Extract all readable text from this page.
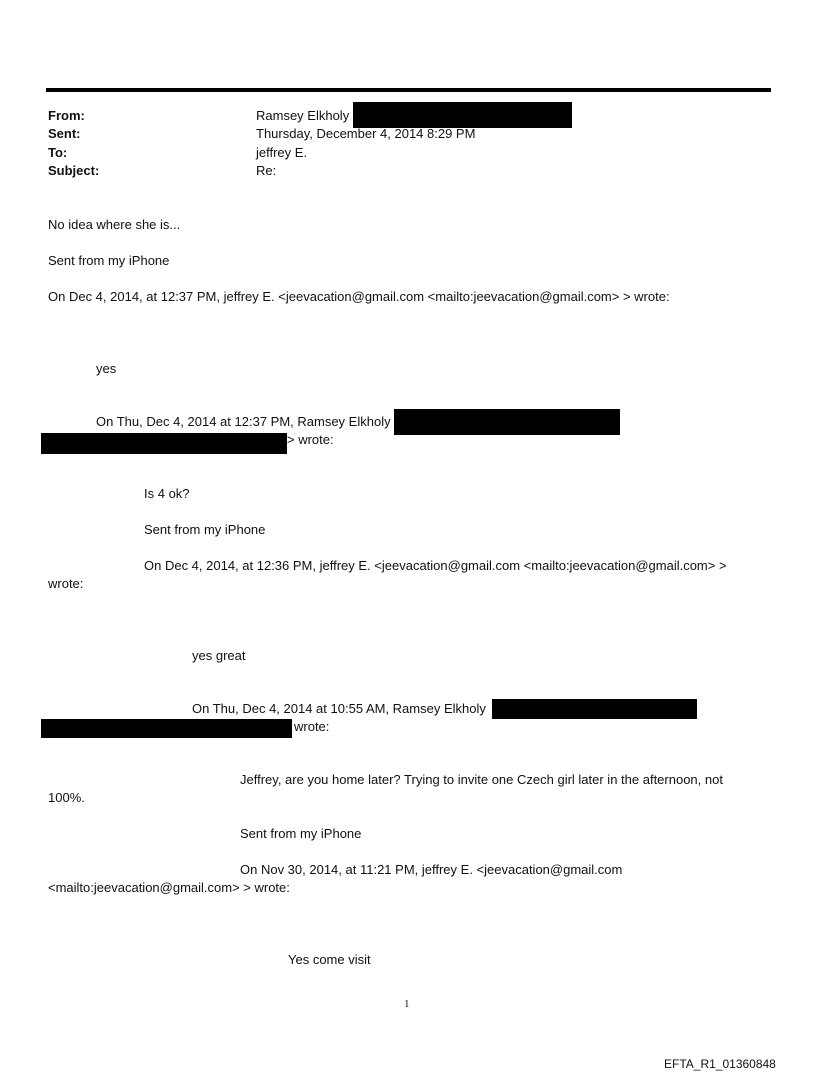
From:	Ramsey Elkholy
Sent:	Thursday, December 4, 2014 8:29 PM
To:	jeffrey E.
Subject:	Re:
No idea where she is...
Sent from my iPhone
On Dec 4, 2014, at 12:37 PM, jeffrey E. <jeevacation@gmail.com <mailto:jeevacation@gmail.com> > wrote:
yes
On Thu, Dec 4, 2014 at 12:37 PM, Ramsey Elkholy
> wrote:
Is 4 ok?
Sent from my iPhone
On Dec 4, 2014, at 12:36 PM, jeffrey E. <jeevacation@gmail.com <mailto:jeevacation@gmail.com> >
wrote:
yes great
On Thu, Dec 4, 2014 at 10:55 AM, Ramsey Elkholy
wrote:
Jeffrey, are you home later? Trying to invite one Czech girl later in the afternoon, not
100%.
Sent from my iPhone
On Nov 30, 2014, at 11:21 PM, jeffrey E. <jeevacation@gmail.com
<mailto:jeevacation@gmail.com> > wrote:
Yes come visit
1
EFTA_R1_01360848
